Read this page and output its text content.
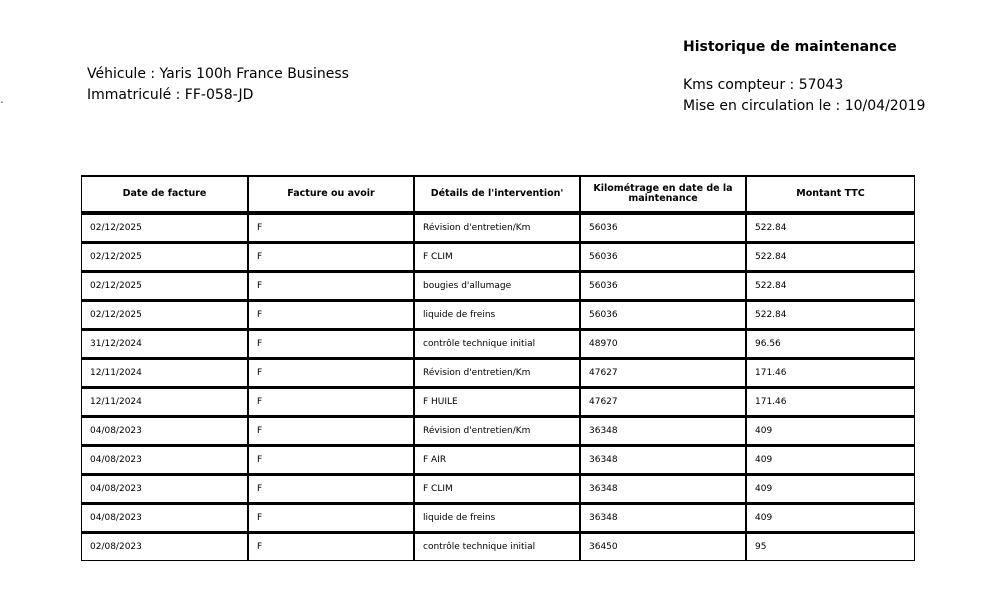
.
Véhicule : Yaris 100h France Business
Immatriculé : FF-058-JD
Historique de maintenance
Kms compteur : 57043
Mise en circulation le : 10/04/2019
Date de facture	Facture ou avoir	Détails de l'intervention'	Kilométrage en date de la maintenance	Montant TTC
02/12/2025	F	Révision d'entretien/Km	56036	522.84
02/12/2025	F	F CLIM	56036	522.84
02/12/2025	F	bougies d'allumage	56036	522.84
02/12/2025	F	liquide de freins	56036	522.84
31/12/2024	F	contrôle technique initial	48970	96.56
12/11/2024	F	Révision d'entretien/Km	47627	171.46
12/11/2024	F	F HUILE	47627	171.46
04/08/2023	F	Révision d'entretien/Km	36348	409
04/08/2023	F	F AIR	36348	409
04/08/2023	F	F CLIM	36348	409
04/08/2023	F	liquide de freins	36348	409
02/08/2023	F	contrôle technique initial	36450	95
